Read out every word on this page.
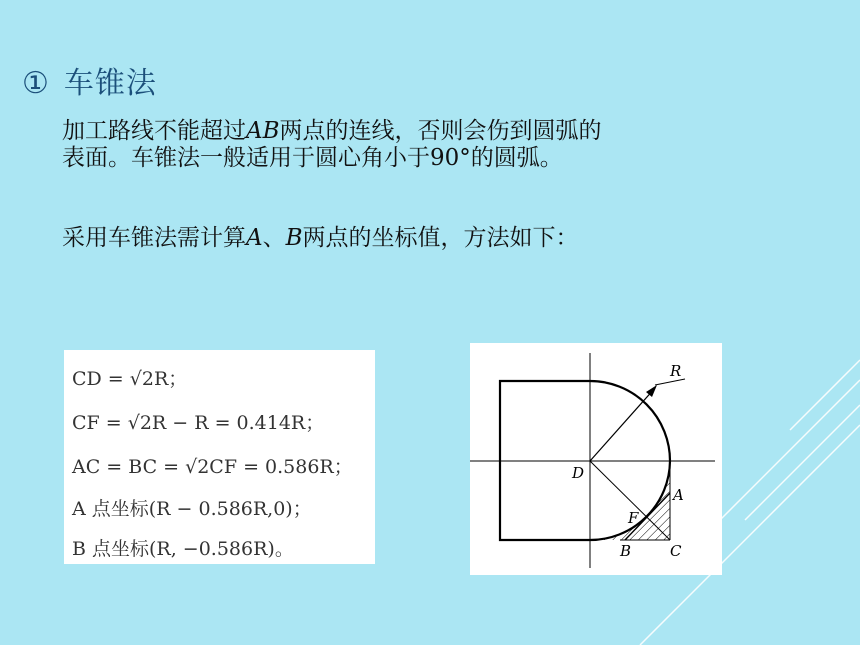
① 车锥法
加工路线不能超过AB两点的连线，否则会伤到圆弧的表面。车锥法一般适用于圆心角小于90°的圆弧。
采用车锥法需计算A、B两点的坐标值，方法如下：
CD = √2R；
CF = √2R − R = 0.414R；
AC = BC = √2CF = 0.586R；
A 点坐标(R − 0.586R,0)；
B 点坐标(R, −0.586R)。
R
D
F
A
B	C
